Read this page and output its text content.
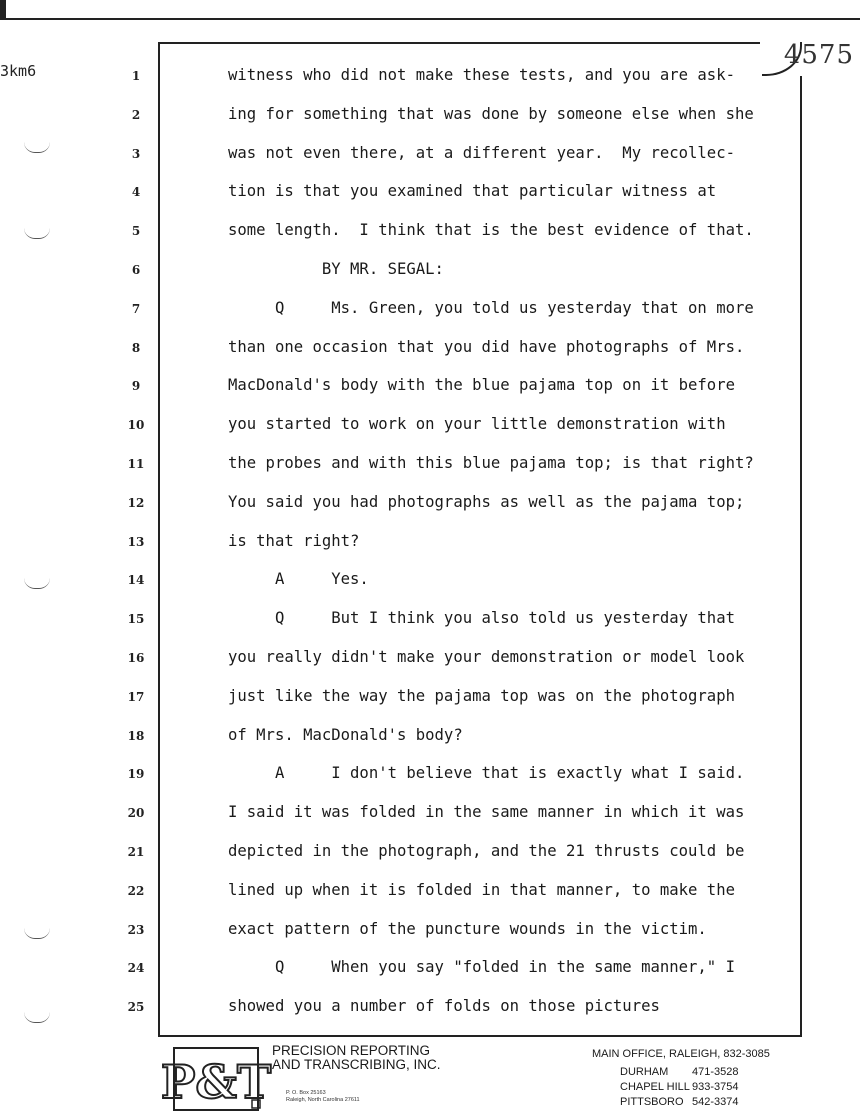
3km6
4575
1	witness who did not make these tests, and you are ask-
2	ing for something that was done by someone else when she
3	was not even there, at a different year.  My recollec-
4	tion is that you examined that particular witness at
5	some length.  I think that is the best evidence of that.
6	BY MR. SEGAL:
7	Q     Ms. Green, you told us yesterday that on more
8	than one occasion that you did have photographs of Mrs.
9	MacDonald's body with the blue pajama top on it before
10	you started to work on your little demonstration with
11	the probes and with this blue pajama top; is that right?
12	You said you had photographs as well as the pajama top;
13	is that right?
14	A     Yes.
15	Q     But I think you also told us yesterday that
16	you really didn't make your demonstration or model look
17	just like the way the pajama top was on the photograph
18	of Mrs. MacDonald's body?
19	A     I don't believe that is exactly what I said.
20	I said it was folded in the same manner in which it was
21	depicted in the photograph, and the 21 thrusts could be
22	lined up when it is folded in that manner, to make the
23	exact pattern of the puncture wounds in the victim.
24	Q     When you say "folded in the same manner," I
25	showed you a number of folds on those pictures
P&T
PRECISION REPORTING
AND TRANSCRIBING, INC.
P. O. Box 25163
Raleigh, North Carolina 27611
MAIN OFFICE, RALEIGH, 832-3085
DURHAM 471-3528
CHAPEL HILL 933-3754
PITTSBORO 542-3374
